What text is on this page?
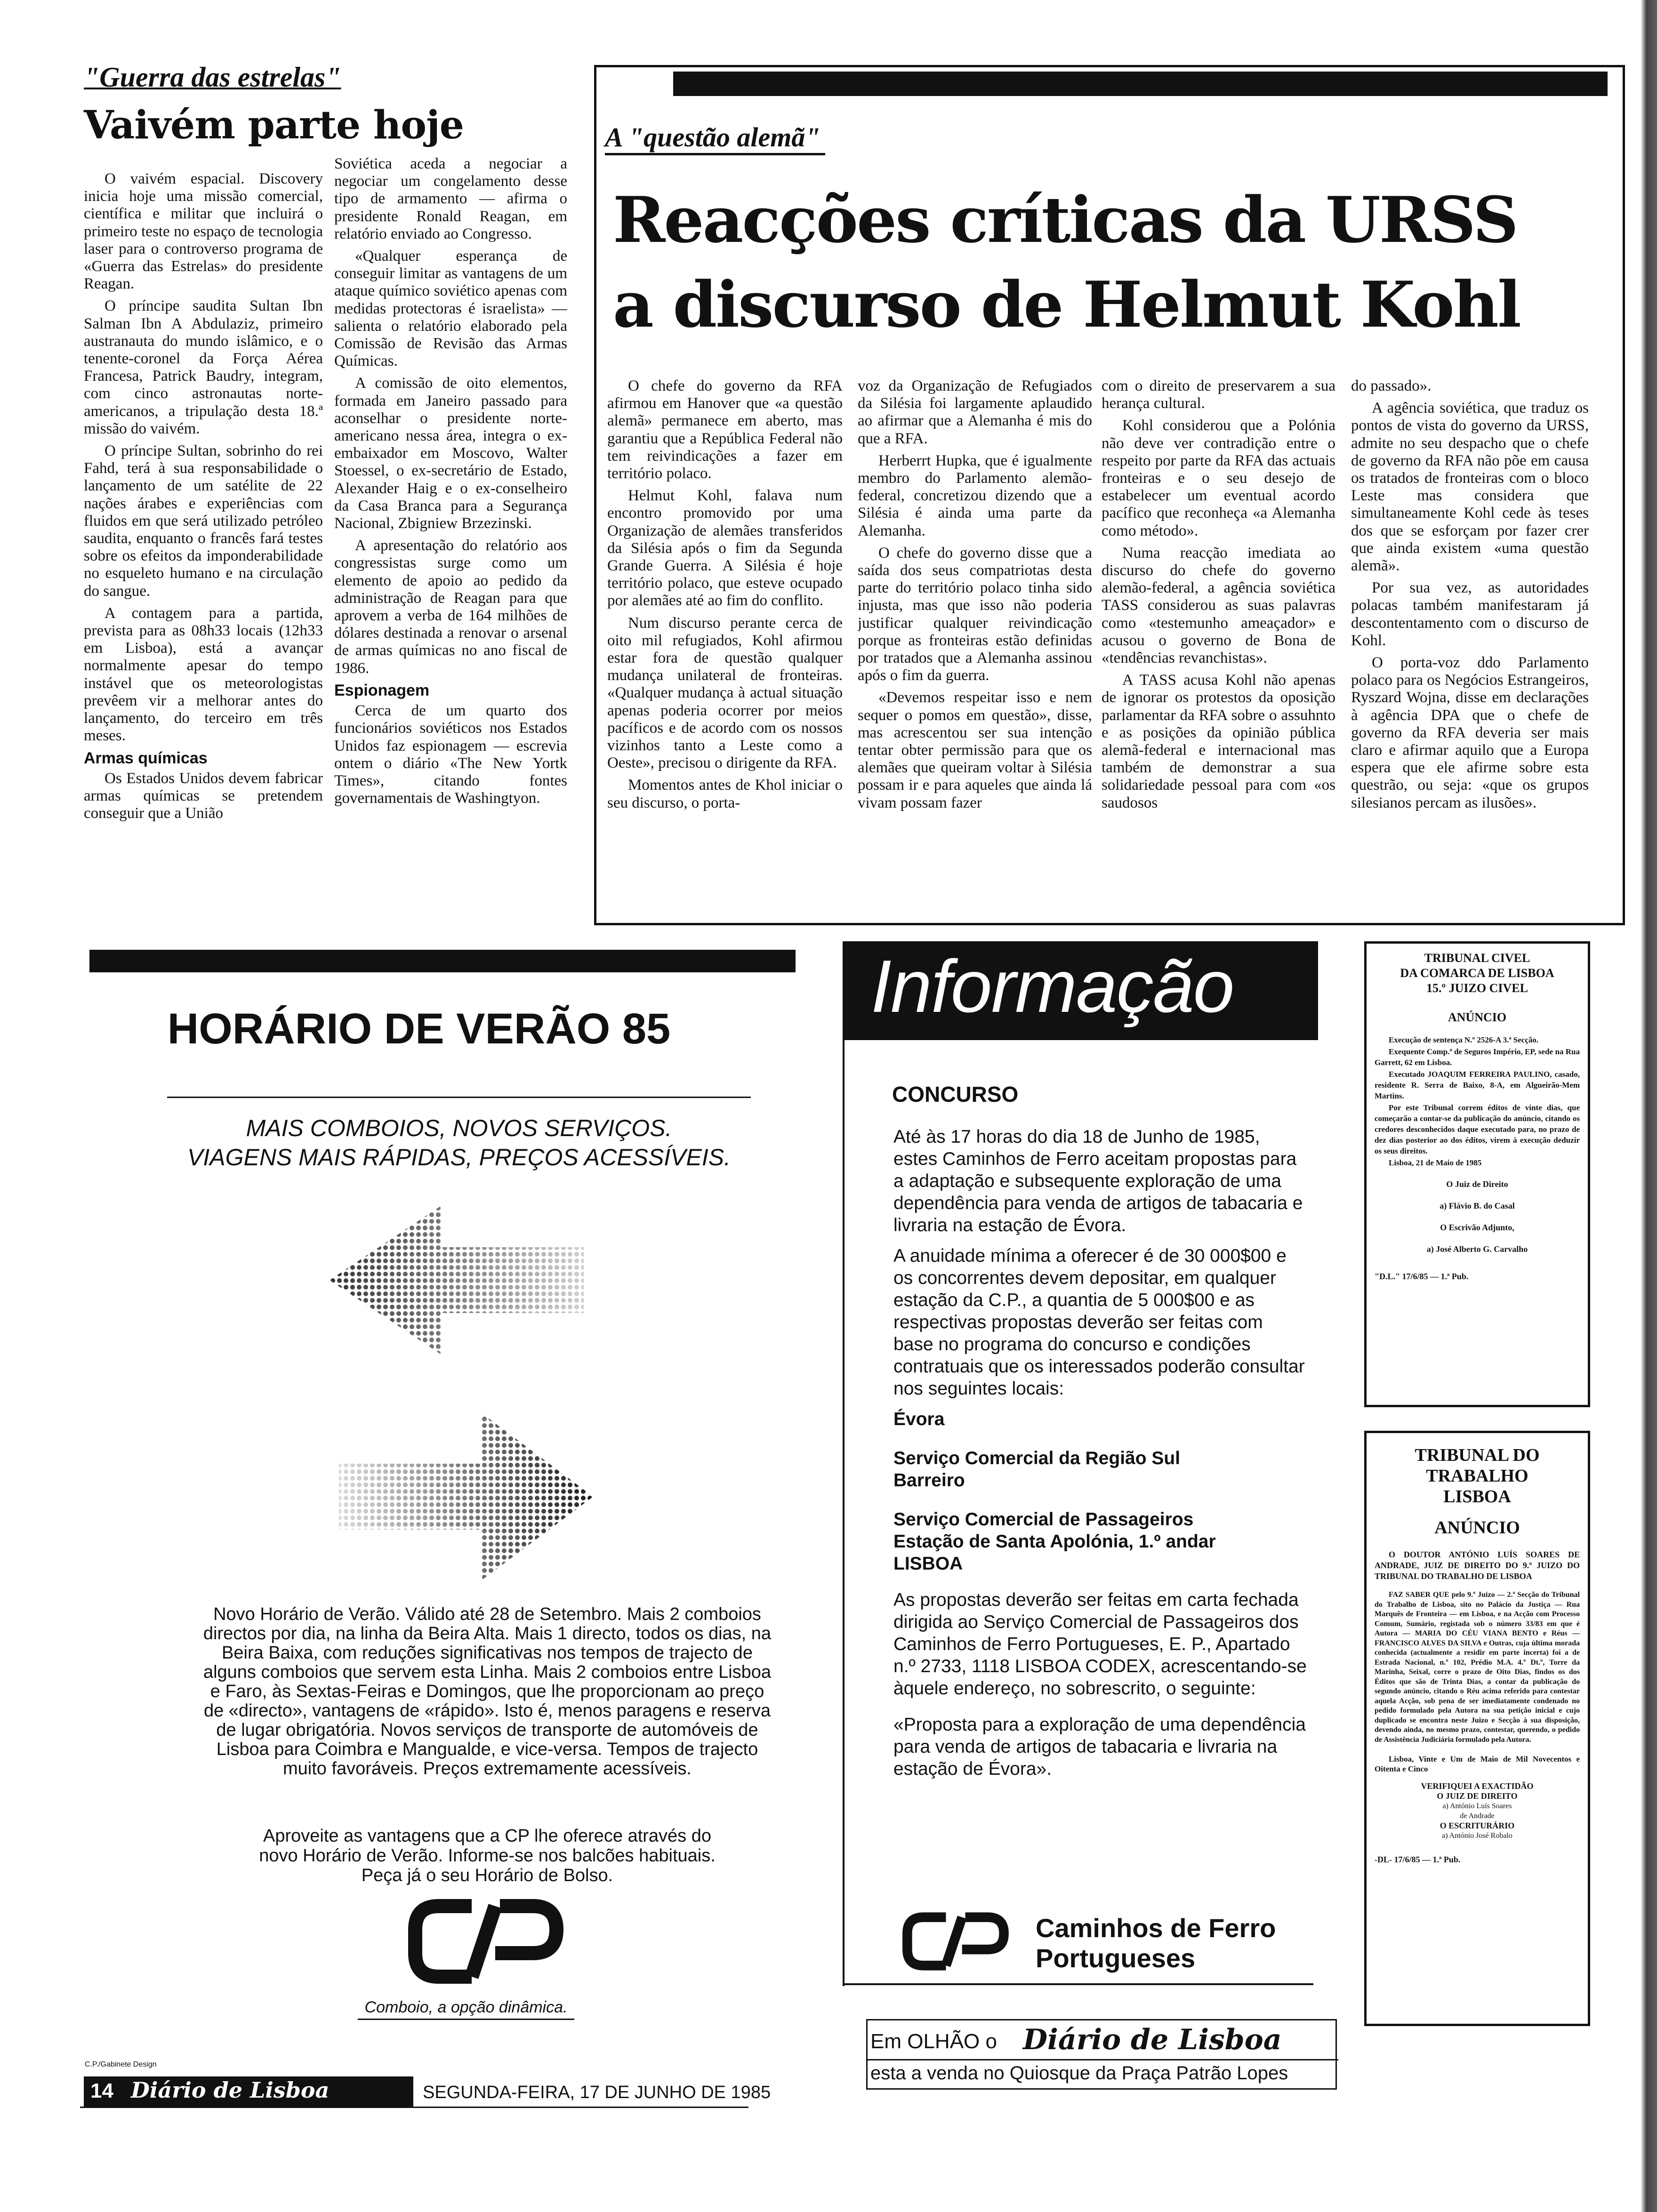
"Guerra das estrelas"
Vaivém parte hoje

O vaivém espacial. Discovery inicia hoje uma missão comercial, científica e militar que incluirá o primeiro teste no espaço de tecnologia laser para o controverso programa de «Guerra das Estrelas» do presidente Reagan.

O príncipe saudita Sultan Ibn Salman Ibn A Abdulaziz, primeiro austranauta do mundo islâmico, e o tenente-coronel da Força Aérea Francesa, Patrick Baudry, integram, com cinco astronautas norte-americanos, a tripulação desta 18.ª missão do vaivém.

O príncipe Sultan, sobrinho do rei Fahd, terá à sua responsabilidade o lançamento de um satélite de 22 nações árabes e experiências com fluidos em que será utilizado petróleo saudita, enquanto o francês fará testes sobre os efeitos da imponderabilidade no esqueleto humano e na circulação do sangue.

A contagem para a partida, prevista para as 08h33 locais (12h33 em Lisboa), está a avançar normalmente apesar do tempo instável que os meteorologistas prevêem vir a melhorar antes do lançamento, do terceiro em três meses.

Armas químicas

Os Estados Unidos devem fabricar armas químicas se pretendem conseguir que a União

Soviética aceda a negociar a negociar um congelamento desse tipo de armamento — afirma o presidente Ronald Reagan, em relatório enviado ao Congresso.

«Qualquer esperança de conseguir limitar as vantagens de um ataque químico soviético apenas com medidas protectoras é israelista» — salienta o relatório elaborado pela Comissão de Revisão das Armas Químicas.

A comissão de oito elementos, formada em Janeiro passado para aconselhar o presidente norte-americano nessa área, integra o ex-embaixador em Moscovo, Walter Stoessel, o ex-secretário de Estado, Alexander Haig e o ex-conselheiro da Casa Branca para a Segurança Nacional, Zbigniew Brzezinski.

A apresentação do relatório aos congressistas surge como um elemento de apoio ao pedido da administração de Reagan para que aprovem a verba de 164 milhões de dólares destinada a renovar o arsenal de armas químicas no ano fiscal de 1986.

Espionagem

Cerca de um quarto dos funcionários soviéticos nos Estados Unidos faz espionagem — escrevia ontem o diário «The New Yortk Times», citando fontes governamentais de Washingtyon.

A "questão alemã"
Reacções críticas da URSS
a discurso de Helmut Kohl

O chefe do governo da RFA afirmou em Hanover que «a questão alemã» permanece em aberto, mas garantiu que a República Federal não tem reivindicações a fazer em território polaco.

Helmut Kohl, falava num encontro promovido por uma Organização de alemães transferidos da Silésia após o fim da Segunda Grande Guerra. A Silésia é hoje território polaco, que esteve ocupado por alemães até ao fim do conflito.

Num discurso perante cerca de oito mil refugiados, Kohl afirmou estar fora de questão qualquer mudança unilateral de fronteiras. «Qualquer mudança à actual situação apenas poderia ocorrer por meios pacíficos e de acordo com os nossos vizinhos tanto a Leste como a Oeste», precisou o dirigente da RFA.

Momentos antes de Khol iniciar o seu discurso, o porta-

voz da Organização de Refugiados da Silésia foi largamente aplaudido ao afirmar que a Alemanha é mis do que a RFA.

Herberrt Hupka, que é igualmente membro do Parlamento alemão-federal, concretizou dizendo que a Silésia é ainda uma parte da Alemanha.

O chefe do governo disse que a saída dos seus compatriotas desta parte do território polaco tinha sido injusta, mas que isso não poderia justificar qualquer reivindicação porque as fronteiras estão definidas por tratados que a Alemanha assinou após o fim da guerra.

«Devemos respeitar isso e nem sequer o pomos em questão», disse, mas acrescentou ser sua intenção tentar obter permissão para que os alemães que queiram voltar à Silésia possam ir e para aqueles que ainda lá vivam possam fazer

com o direito de preservarem a sua herança cultural.

Kohl considerou que a Polónia não deve ver contradição entre o respeito por parte da RFA das actuais fronteiras e o seu desejo de estabelecer um eventual acordo pacífico que reconheça «a Alemanha como método».

Numa reacção imediata ao discurso do chefe do governo alemão-federal, a agência soviética TASS considerou as suas palavras como «testemunho ameaçador» e acusou o governo de Bona de «tendências revanchistas».

A TASS acusa Kohl não apenas de ignorar os protestos da oposição parlamentar da RFA sobre o assuhnto e as posições da opinião pública alemã-federal e internacional mas também de demonstrar a sua solidariedade pessoal para com «os saudosos

do passado».

A agência soviética, que traduz os pontos de vista do governo da URSS, admite no seu despacho que o chefe de governo da RFA não põe em causa os tratados de fronteiras com o bloco Leste mas considera que simultaneamente Kohl cede às teses dos que se esforçam por fazer crer que ainda existem «uma questão alemã».

Por sua vez, as autoridades polacas também manifestaram já descontentamento com o discurso de Kohl.

O porta-voz ddo Parlamento polaco para os Negócios Estrangeiros, Ryszard Wojna, disse em declarações à agência DPA que o chefe de governo da RFA deveria ser mais claro e afirmar aquilo que a Europa espera que ele afirme sobre esta questrão, ou seja: «que os grupos silesianos percam as ilusões».

HORÁRIO DE VERÃO 85
MAIS COMBOIOS, NOVOS SERVIÇOS.
VIAGENS MAIS RÁPIDAS, PREÇOS ACESSÍVEIS.
Novo Horário de Verão. Válido até 28 de Setembro. Mais 2 comboios directos por dia, na linha da Beira Alta. Mais 1 directo, todos os dias, na Beira Baixa, com reduções significativas nos tempos de trajecto de alguns comboios que servem esta Linha. Mais 2 comboios entre Lisboa e Faro, às Sextas-Feiras e Domingos, que lhe proporcionam ao preço de «directo», vantagens de «rápido». Isto é, menos paragens e reserva de lugar obrigatória. Novos serviços de transporte de automóveis de Lisboa para Coimbra e Mangualde, e vice-versa. Tempos de trajecto muito favoráveis. Preços extremamente acessíveis.
Aproveite as vantagens que a CP lhe oferece através do novo Horário de Verão. Informe-se nos balcões habituais. Peça já o seu Horário de Bolso.
Comboio, a opção dinâmica.
C.P./Gabinete Design
Informação
CONCURSO

Até às 17 horas do dia 18 de Junho de 1985, estes Caminhos de Ferro aceitam propostas para a adaptação e subsequente exploração de uma dependência para venda de artigos de tabacaria e livraria na estação de Évora.

A anuidade mínima a oferecer é de 30 000$00 e os concorrentes devem depositar, em qualquer estação da C.P., a quantia de 5 000$00 e as respectivas propostas deverão ser feitas com base no programa do concurso e condições contratuais que os interessados poderão consultar nos seguintes locais:

Évora

Serviço Comercial da Região Sul

Barreiro

Serviço Comercial de Passageiros
Estação de Santa Apolónia, 1.º andar

LISBOA

As propostas deverão ser feitas em carta fechada dirigida ao Serviço Comercial de Passageiros dos Caminhos de Ferro Portugueses, E. P., Apartado n.º 2733, 1118 LISBOA CODEX, acrescentando-se àquele endereço, no sobrescrito, o seguinte:

«Proposta para a exploração de uma dependência para venda de artigos de tabacaria e livraria na estação de Évora».

Caminhos de Ferro
Portugueses
Em OLHÃO o Diário de Lisboa
esta a venda no Quiosque da Praça Patrão Lopes
TRIBUNAL CIVEL
DA COMARCA DE LISBOA
15.º JUIZO CIVEL
ANÚNCIO
Execução de sentença N.º 2526-A 3.ª Secção.
Exequente Comp.ª de Seguros Império, EP, sede na Rua Garrett, 62 em Lisboa.
Executado JOAQUIM FERREIRA PAULINO, casado, residente R. Serra de Baixo, 8-A, em Algueirão-Mem Martins.
Por este Tribunal correm éditos de vinte dias, que começarão a contar-se da publicação do anúncio, citando os credores desconhecidos daque executado para, no prazo de dez dias posterior ao dos éditos, virem à execução deduzir os seus direitos.
Lisboa, 21 de Maio de 1985
O Juiz de Direito
a) Flávio B. do Casal
O Escrivão Adjunto,
a) José Alberto G. Carvalho
"D.L." 17/6/85 — 1.ª Pub.
TRIBUNAL DO
TRABALHO
LISBOA
ANÚNCIO
O DOUTOR ANTÓNIO LUÍS SOARES DE ANDRADE, JUIZ DE DIREITO DO 9.º JUIZO DO TRIBUNAL DO TRABALHO DE LISBOA
FAZ SABER QUE pelo 9.º Juizo — 2.ª Secção do Tribunal do Trabalho de Lisboa, sito no Palácio da Justiça — Rua Marquês de Fronteira — em Lisboa, e na Acção com Processo Comum, Sumário, registada sob o número 33/83 em que é Autora — MARIA DO CÉU VIANA BENTO e Réus — FRANCISCO ALVES DA SILVA e Outras, cuja última morada conhecida (actualmente a residir em parte incerta) foi a de Estrada Nacional, n.º 102, Prédio M.A. 4.º Dt.º, Torre da Marinha, Seixal, corre o prazo de Oito Dias, findos os dos Éditos que são de Trinta Dias, a contar da publicação do segundo anúncio, citando o Réu acima referido para contestar aquela Acção, sob pena de ser imediatamente condenado no pedido formulado pela Autora na sua petição inicial e cujo duplicado se encontra neste Juizo e Secção à sua disposição, devendo ainda, no mesmo prazo, contestar, querendo, o pedido de Assistência Judiciária formulado pela Autora.
Lisboa, Vinte e Um de Maio de Mil Novecentos e Oitenta e Cinco
VERIFIQUEI A EXACTIDÃO
O JUIZ DE DIREITO
a) António Luís Soares
de Andrade
O ESCRITURÁRIO
a) António José Robalo
-DL- 17/6/85 — 1.ª Pub.
14 Diário de Lisboa	SEGUNDA-FEIRA, 17 DE JUNHO DE 1985
